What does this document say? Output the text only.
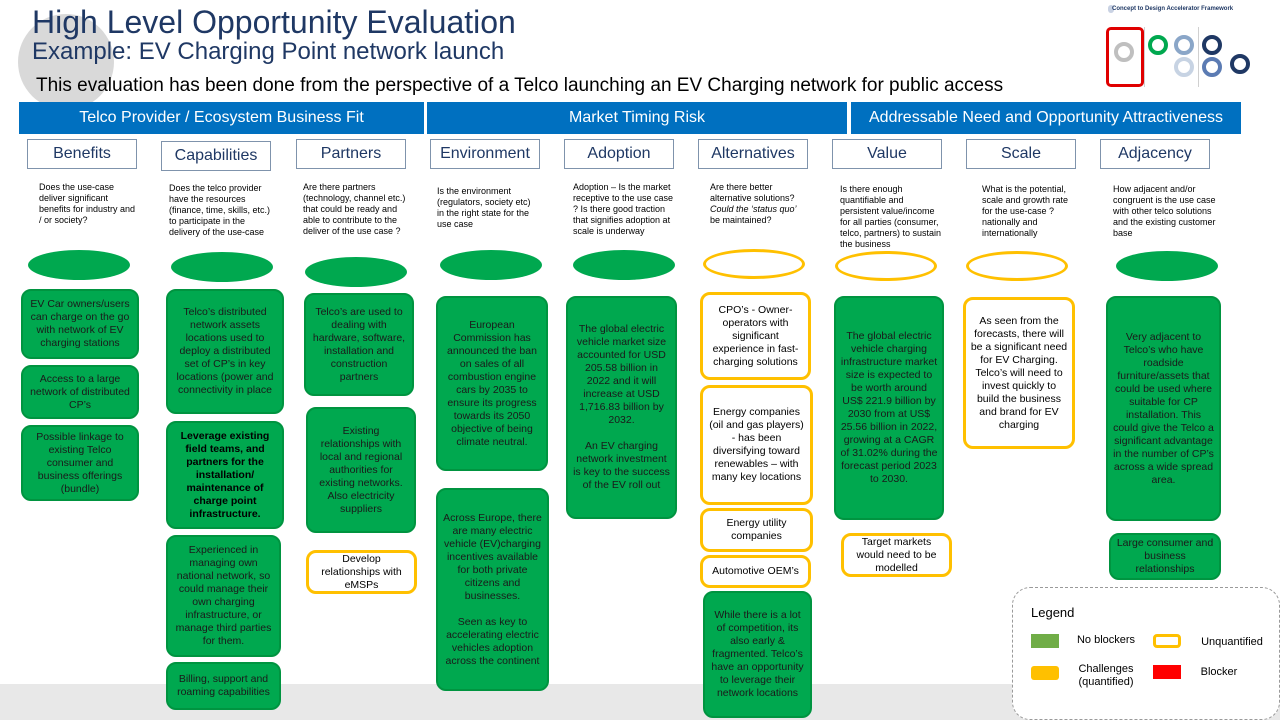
High Level Opportunity Evaluation
Example: EV Charging Point network launch
This evaluation has been done from the perspective of a Telco launching an EV Charging network for public access
Concept to Design Accelerator Framework
Telco Provider / Ecosystem Business Fit	Market Timing Risk	Addressable Need and Opportunity Attractiveness
Benefits	Capabilities	Partners	Environment	Adoption	Alternatives	Value	Scale	Adjacency
Does the use-case deliver significant benefits for industry and / or society?
Does the telco provider have the resources (finance, time, skills, etc.) to participate in the delivery of the use-case
Are there partners (technology, channel etc.) that could be ready and able to contribute to the deliver of the use case ?
Is the environment (regulators, society etc) in the right state for the use case
Adoption – Is the market receptive to the use case ? Is there good traction that signifies adoption at scale is underway
Are there better alternative solutions? Could the ‘status quo’ be maintained?
Is there enough quantifiable and persistent value/income for all parties (consumer, telco, partners) to sustain the business
What is the potential, scale and growth rate for the use-case ? nationally and internationally
How adjacent and/or congruent is the use case with other telco solutions and the existing customer base
EV Car owners/users can charge on the go with network of EV charging stations
Access to a large network of distributed CP’s
Possible linkage to existing Telco consumer and business offerings (bundle)
Telco’s distributed network assets locations used to deploy a distributed set of CP’s in key locations (power and connectivity in place
Leverage existing field teams, and partners for the installation/ maintenance of charge point infrastructure.
Experienced in managing own national network, so could manage their own charging infrastructure, or manage third parties for them.
Billing, support and roaming capabilities
Telco’s are used to dealing with hardware, software, installation and construction partners
Existing relationships with local and regional authorities for existing networks. Also electricity suppliers
Develop relationships with eMSPs
European Commission has announced the ban on sales of all combustion engine cars by 2035 to ensure its progress towards its 2050 objective of being climate neutral.
Across Europe, there are many electric vehicle (EV)charging incentives available for both private citizens and businesses.

Seen as key to accelerating electric vehicles adoption across the continent
The global electric vehicle market size accounted for USD 205.58 billion in 2022 and it will increase at USD 1,716.83 billion by 2032.

An EV charging network investment is key to the success of the EV roll out
CPO’s - Owner-operators with significant experience in fast-charging solutions
Energy companies (oil and gas players) - has been diversifying toward renewables – with many key locations
Energy utility companies
Automotive OEM’s
While there is a lot of competition, its also early & fragmented. Telco’s have an opportunity to leverage their network locations
The global electric vehicle charging infrastructure market size is expected to be worth around US$ 221.9 billion by 2030 from at US$ 25.56 billion in 2022, growing at a CAGR of 31.02% during the forecast period 2023 to 2030.
Target markets would need to be modelled
As seen from the forecasts, there will be a significant need for EV Charging. Telco’s will need to invest quickly to build the business and brand for EV charging
Very adjacent to Telco’s who have roadside furniture/assets that could be used where suitable for CP installation. This could give the Telco a significant advantage in the number of CP’s across a wide spread area.
Large consumer and business relationships
Legend
No blockers	Unquantified
Challenges (quantified)
Blocker
